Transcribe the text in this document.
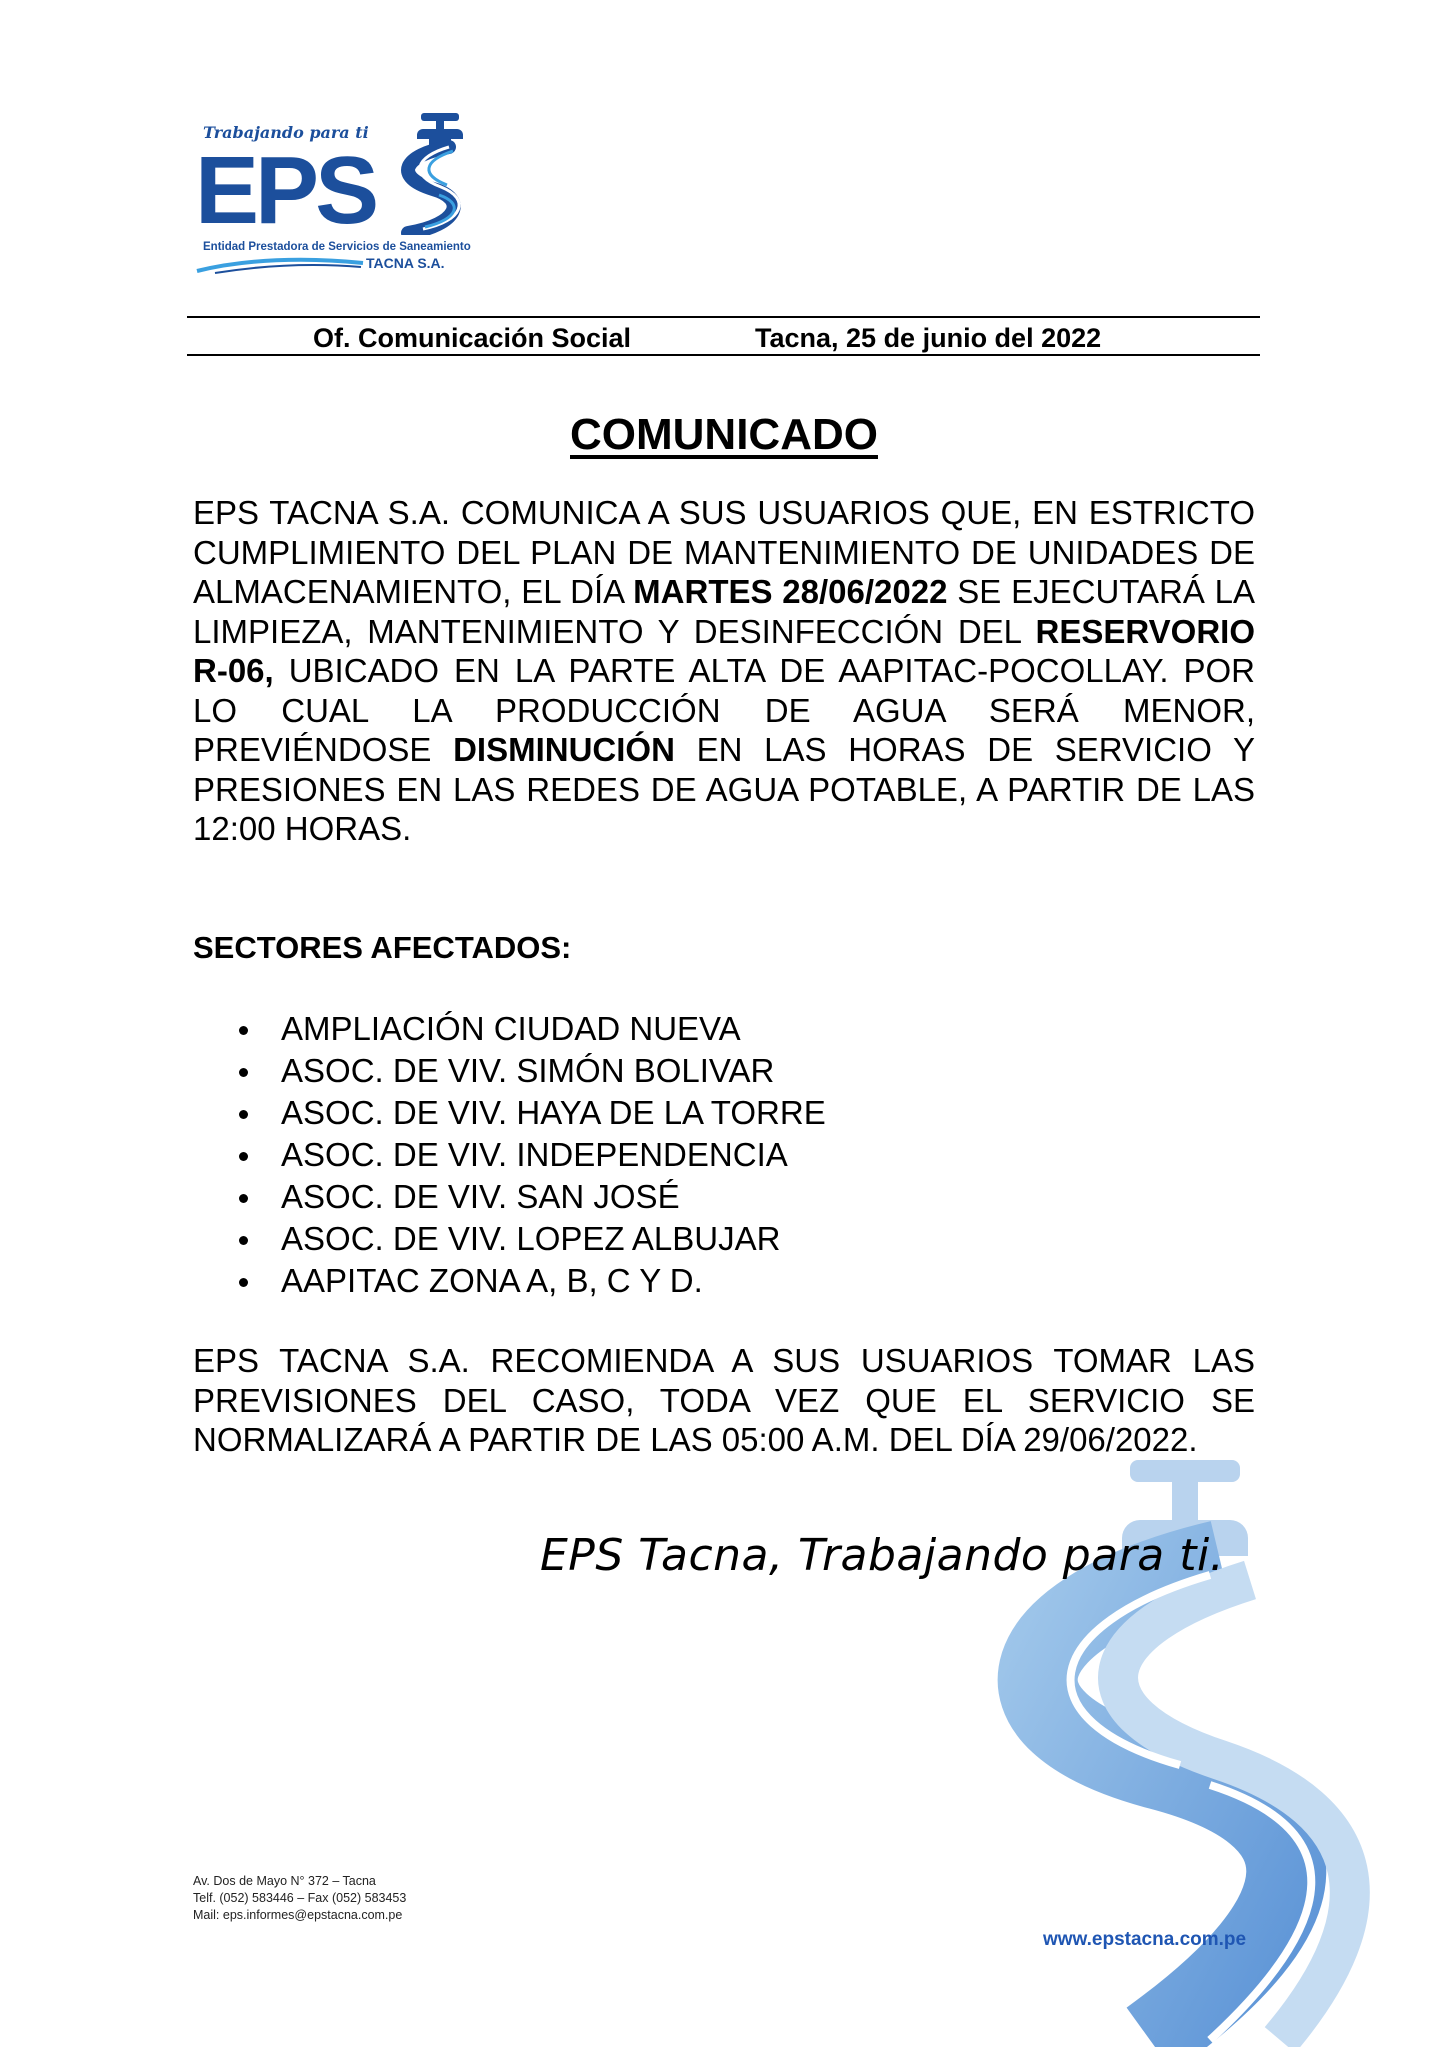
Trabajando para ti
EPS
Entidad Prestadora de Servicios de Saneamiento
TACNA S.A.
Of. Comunicación Social	Tacna, 25 de junio del 2022
COMUNICADO

EPS TACNA S.A. COMUNICA A SUS USUARIOS QUE, EN ESTRICTO CUMPLIMIENTO DEL PLAN DE MANTENIMIENTO DE UNIDADES DE ALMACENAMIENTO, EL DÍA MARTES 28/06/2022 SE EJECUTARÁ LA LIMPIEZA, MANTENIMIENTO Y DESINFECCIÓN DEL RESERVORIO R-06, UBICADO EN LA PARTE ALTA DE AAPITAC-POCOLLAY. POR LO CUAL LA PRODUCCIÓN DE AGUA SERÁ MENOR, PREVIÉNDOSE DISMINUCIÓN EN LAS HORAS DE SERVICIO Y PRESIONES EN LAS REDES DE AGUA POTABLE, A PARTIR DE LAS 12:00 HORAS.

SECTORES AFECTADOS:
AMPLIACIÓN CIUDAD NUEVA
ASOC. DE VIV. SIMÓN BOLIVAR
ASOC. DE VIV. HAYA DE LA TORRE
ASOC. DE VIV. INDEPENDENCIA
ASOC. DE VIV. SAN JOSÉ
ASOC. DE VIV. LOPEZ ALBUJAR
AAPITAC ZONA A, B, C Y D.

EPS TACNA S.A. RECOMIENDA A SUS USUARIOS TOMAR LAS PREVISIONES DEL CASO, TODA VEZ QUE EL SERVICIO SE NORMALIZARÁ A PARTIR DE LAS 05:00 A.M. DEL DÍA 29/06/2022.

EPS Tacna, Trabajando para ti.
Av. Dos de Mayo N° 372 – Tacna
Telf. (052) 583446 – Fax (052) 583453
Mail: eps.informes@epstacna.com.pe
www.epstacna.com.pe
